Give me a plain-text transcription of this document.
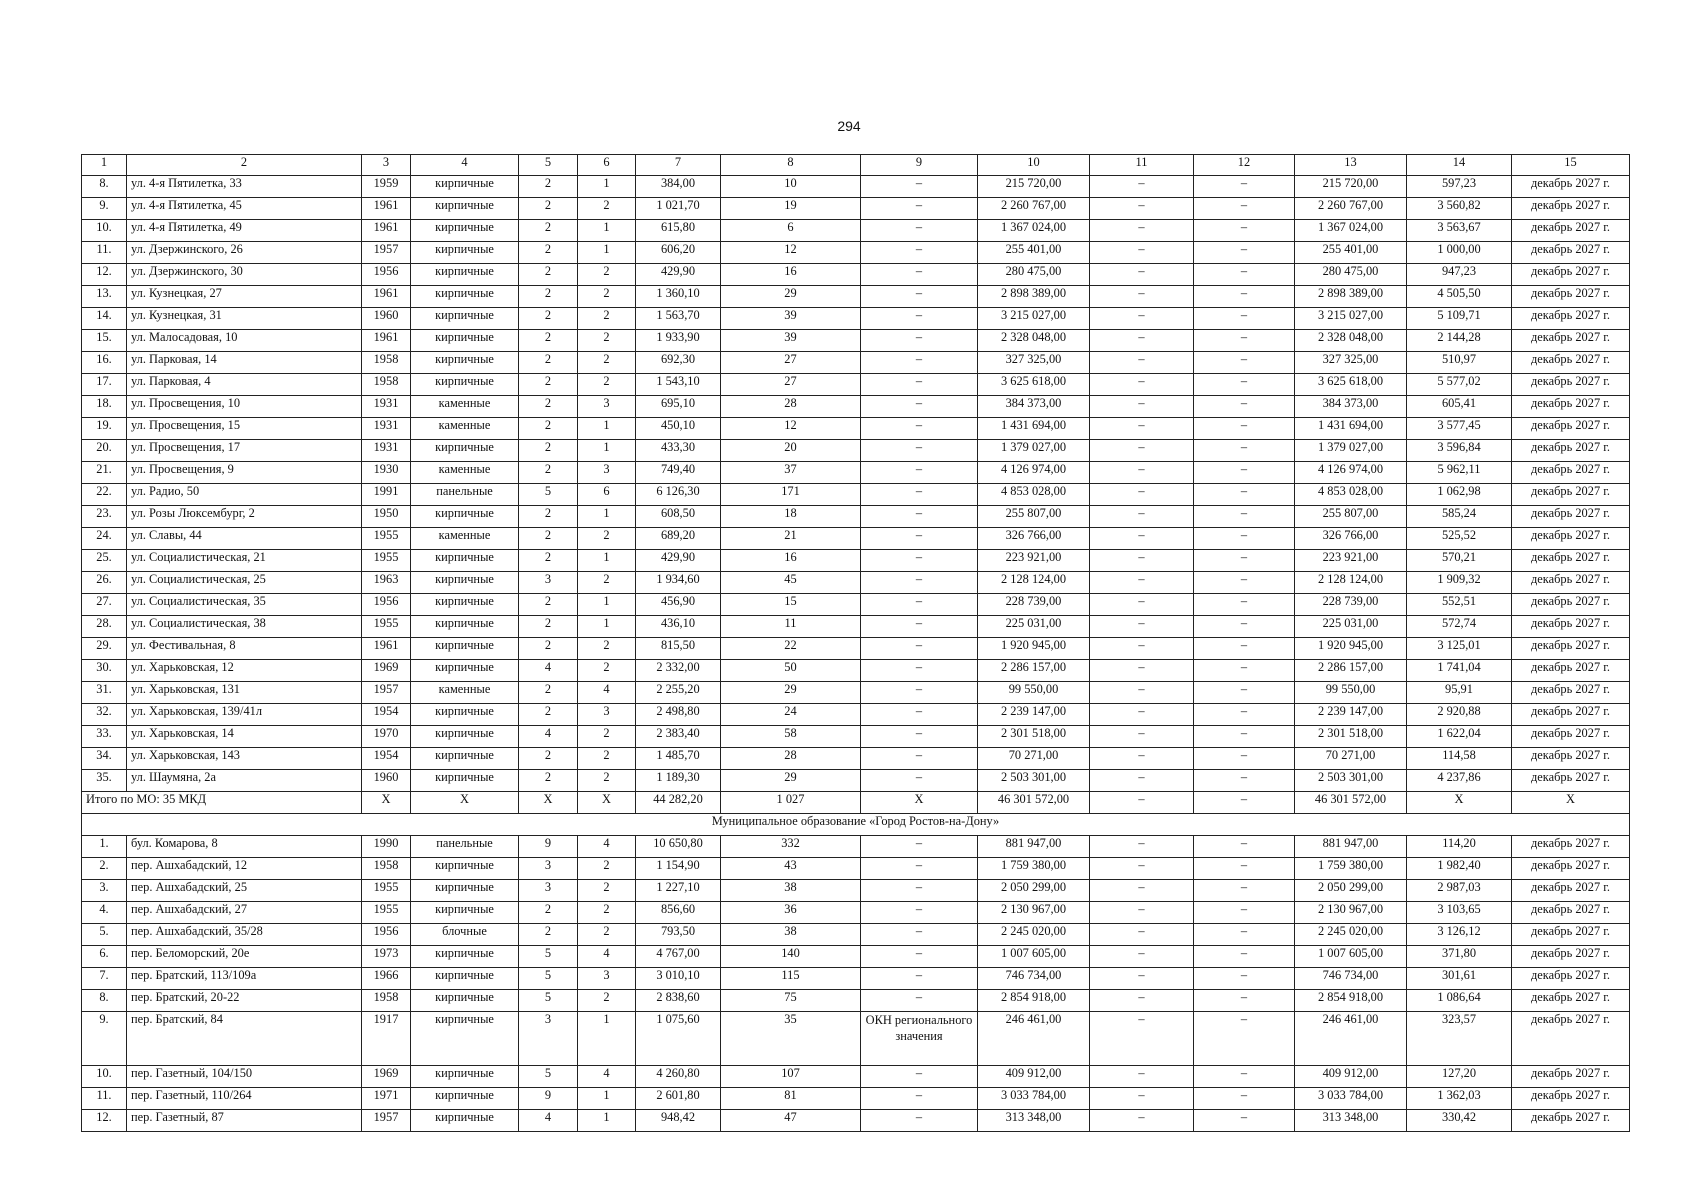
294
1	2	3	4	5	6	7	8	9	10	11	12	13	14	15
8.	ул. 4-я Пятилетка, 33	1959	кирпичные	2	1	384,00	10	–	215 720,00	–	–	215 720,00	597,23	декабрь 2027 г.
9.	ул. 4-я Пятилетка, 45	1961	кирпичные	2	2	1 021,70	19	–	2 260 767,00	–	–	2 260 767,00	3 560,82	декабрь 2027 г.
10.	ул. 4-я Пятилетка, 49	1961	кирпичные	2	1	615,80	6	–	1 367 024,00	–	–	1 367 024,00	3 563,67	декабрь 2027 г.
11.	ул. Дзержинского, 26	1957	кирпичные	2	1	606,20	12	–	255 401,00	–	–	255 401,00	1 000,00	декабрь 2027 г.
12.	ул. Дзержинского, 30	1956	кирпичные	2	2	429,90	16	–	280 475,00	–	–	280 475,00	947,23	декабрь 2027 г.
13.	ул. Кузнецкая, 27	1961	кирпичные	2	2	1 360,10	29	–	2 898 389,00	–	–	2 898 389,00	4 505,50	декабрь 2027 г.
14.	ул. Кузнецкая, 31	1960	кирпичные	2	2	1 563,70	39	–	3 215 027,00	–	–	3 215 027,00	5 109,71	декабрь 2027 г.
15.	ул. Малосадовая, 10	1961	кирпичные	2	2	1 933,90	39	–	2 328 048,00	–	–	2 328 048,00	2 144,28	декабрь 2027 г.
16.	ул. Парковая, 14	1958	кирпичные	2	2	692,30	27	–	327 325,00	–	–	327 325,00	510,97	декабрь 2027 г.
17.	ул. Парковая, 4	1958	кирпичные	2	2	1 543,10	27	–	3 625 618,00	–	–	3 625 618,00	5 577,02	декабрь 2027 г.
18.	ул. Просвещения, 10	1931	каменные	2	3	695,10	28	–	384 373,00	–	–	384 373,00	605,41	декабрь 2027 г.
19.	ул. Просвещения, 15	1931	каменные	2	1	450,10	12	–	1 431 694,00	–	–	1 431 694,00	3 577,45	декабрь 2027 г.
20.	ул. Просвещения, 17	1931	кирпичные	2	1	433,30	20	–	1 379 027,00	–	–	1 379 027,00	3 596,84	декабрь 2027 г.
21.	ул. Просвещения, 9	1930	каменные	2	3	749,40	37	–	4 126 974,00	–	–	4 126 974,00	5 962,11	декабрь 2027 г.
22.	ул. Радио, 50	1991	панельные	5	6	6 126,30	171	–	4 853 028,00	–	–	4 853 028,00	1 062,98	декабрь 2027 г.
23.	ул. Розы Люксембург, 2	1950	кирпичные	2	1	608,50	18	–	255 807,00	–	–	255 807,00	585,24	декабрь 2027 г.
24.	ул. Славы, 44	1955	каменные	2	2	689,20	21	–	326 766,00	–	–	326 766,00	525,52	декабрь 2027 г.
25.	ул. Социалистическая, 21	1955	кирпичные	2	1	429,90	16	–	223 921,00	–	–	223 921,00	570,21	декабрь 2027 г.
26.	ул. Социалистическая, 25	1963	кирпичные	3	2	1 934,60	45	–	2 128 124,00	–	–	2 128 124,00	1 909,32	декабрь 2027 г.
27.	ул. Социалистическая, 35	1956	кирпичные	2	1	456,90	15	–	228 739,00	–	–	228 739,00	552,51	декабрь 2027 г.
28.	ул. Социалистическая, 38	1955	кирпичные	2	1	436,10	11	–	225 031,00	–	–	225 031,00	572,74	декабрь 2027 г.
29.	ул. Фестивальная, 8	1961	кирпичные	2	2	815,50	22	–	1 920 945,00	–	–	1 920 945,00	3 125,01	декабрь 2027 г.
30.	ул. Харьковская, 12	1969	кирпичные	4	2	2 332,00	50	–	2 286 157,00	–	–	2 286 157,00	1 741,04	декабрь 2027 г.
31.	ул. Харьковская, 131	1957	каменные	2	4	2 255,20	29	–	99 550,00	–	–	99 550,00	95,91	декабрь 2027 г.
32.	ул. Харьковская, 139/41л	1954	кирпичные	2	3	2 498,80	24	–	2 239 147,00	–	–	2 239 147,00	2 920,88	декабрь 2027 г.
33.	ул. Харьковская, 14	1970	кирпичные	4	2	2 383,40	58	–	2 301 518,00	–	–	2 301 518,00	1 622,04	декабрь 2027 г.
34.	ул. Харьковская, 143	1954	кирпичные	2	2	1 485,70	28	–	70 271,00	–	–	70 271,00	114,58	декабрь 2027 г.
35.	ул. Шаумяна, 2а	1960	кирпичные	2	2	1 189,30	29	–	2 503 301,00	–	–	2 503 301,00	4 237,86	декабрь 2027 г.
Итого по МО: 35 МКД		X	X	X	X	44 282,20	1 027	X	46 301 572,00	–	–	46 301 572,00	X	X
Муниципальное образование «Город Ростов-на-Дону»														
1.	бул. Комарова, 8	1990	панельные	9	4	10 650,80	332	–	881 947,00	–	–	881 947,00	114,20	декабрь 2027 г.
2.	пер. Ашхабадский, 12	1958	кирпичные	3	2	1 154,90	43	–	1 759 380,00	–	–	1 759 380,00	1 982,40	декабрь 2027 г.
3.	пер. Ашхабадский, 25	1955	кирпичные	3	2	1 227,10	38	–	2 050 299,00	–	–	2 050 299,00	2 987,03	декабрь 2027 г.
4.	пер. Ашхабадский, 27	1955	кирпичные	2	2	856,60	36	–	2 130 967,00	–	–	2 130 967,00	3 103,65	декабрь 2027 г.
5.	пер. Ашхабадский, 35/28	1956	блочные	2	2	793,50	38	–	2 245 020,00	–	–	2 245 020,00	3 126,12	декабрь 2027 г.
6.	пер. Беломорский, 20е	1973	кирпичные	5	4	4 767,00	140	–	1 007 605,00	–	–	1 007 605,00	371,80	декабрь 2027 г.
7.	пер. Братский, 113/109а	1966	кирпичные	5	3	3 010,10	115	–	746 734,00	–	–	746 734,00	301,61	декабрь 2027 г.
8.	пер. Братский, 20-22	1958	кирпичные	5	2	2 838,60	75	–	2 854 918,00	–	–	2 854 918,00	1 086,64	декабрь 2027 г.
9.	пер. Братский, 84	1917	кирпичные	3	1	1 075,60	35	ОКН регионального значения	246 461,00	–	–	246 461,00	323,57	декабрь 2027 г.
10.	пер. Газетный, 104/150	1969	кирпичные	5	4	4 260,80	107	–	409 912,00	–	–	409 912,00	127,20	декабрь 2027 г.
11.	пер. Газетный, 110/264	1971	кирпичные	9	1	2 601,80	81	–	3 033 784,00	–	–	3 033 784,00	1 362,03	декабрь 2027 г.
12.	пер. Газетный, 87	1957	кирпичные	4	1	948,42	47	–	313 348,00	–	–	313 348,00	330,42	декабрь 2027 г.
